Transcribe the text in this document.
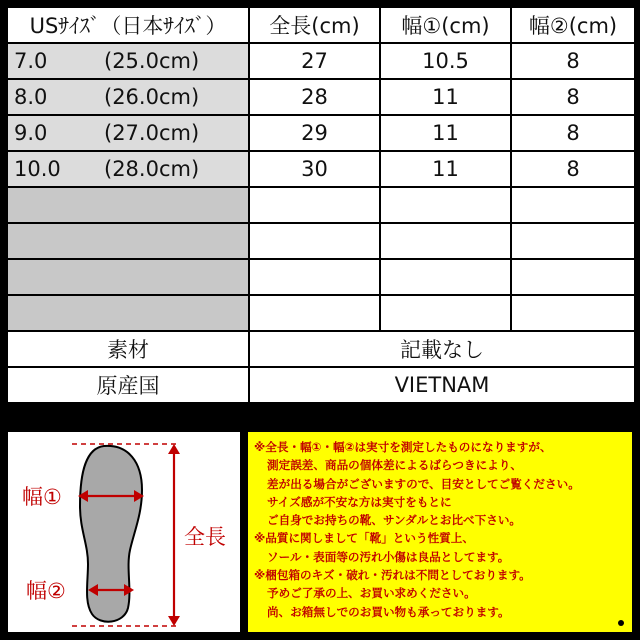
USｻｲｽﾞ（日本ｻｲｽﾞ）	全長(cm)	幅①(cm)	幅②(cm)
7.0 (25.0cm)	27	10.5	8
8.0 (26.0cm)	28	11	8
9.0 (27.0cm)	29	11	8
10.0 (28.0cm)	30	11	8

素材	記載なし		
原産国	VIETNAM		
幅①
幅②
全長
※全長・幅①・幅②は実寸を測定したものになりますが、
測定誤差、商品の個体差によるばらつきにより、
差が出る場合がございますので、目安としてご覧ください。
サイズ感が不安な方は実寸をもとに
ご自身でお持ちの靴、サンダルとお比べ下さい。
※品質に関しまして「靴」という性質上、
ソール・表面等の汚れ小傷は良品としてます。
※梱包箱のキズ・破れ・汚れは不問としております。
予めご了承の上、お買い求めください。
尚、お箱無しでのお買い物も承っております。
